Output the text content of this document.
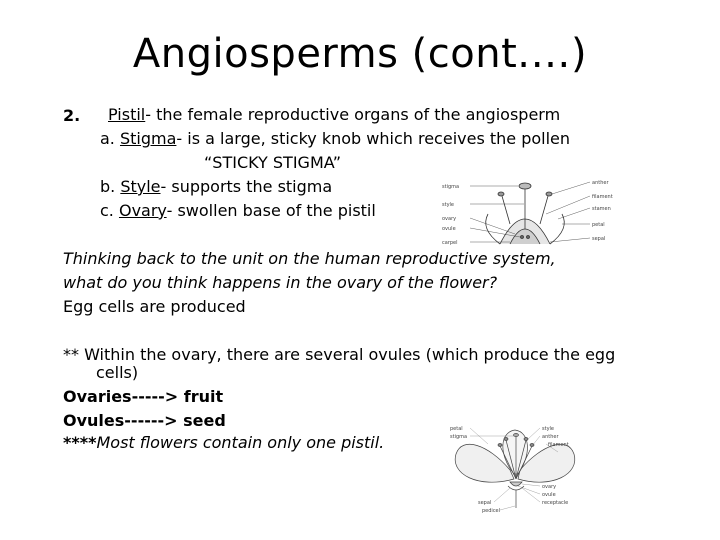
Angiosperms (cont.…)
2. Pistil- the female reproductive organs of the angiosperm
a. Stigma- is a large, sticky knob which receives the pollen
“STICKY STIGMA”
b. Style- supports the stigma
c. Ovary- swollen base of the pistil
stigma
style
ovary
ovule
carpel
anther
filament
stamen
petal
sepal
Thinking back to the unit on the human reproductive system,
what do you think happens in the ovary of the flower?
Egg cells are produced
** Within the ovary, there are several ovules (which produce the egg
cells)
Ovaries-----> fruit
Ovules------> seed
****Most flowers contain only one pistil.
petal
stigma
style
anther
filament
ovary
ovule
receptacle
sepal
pedicel
